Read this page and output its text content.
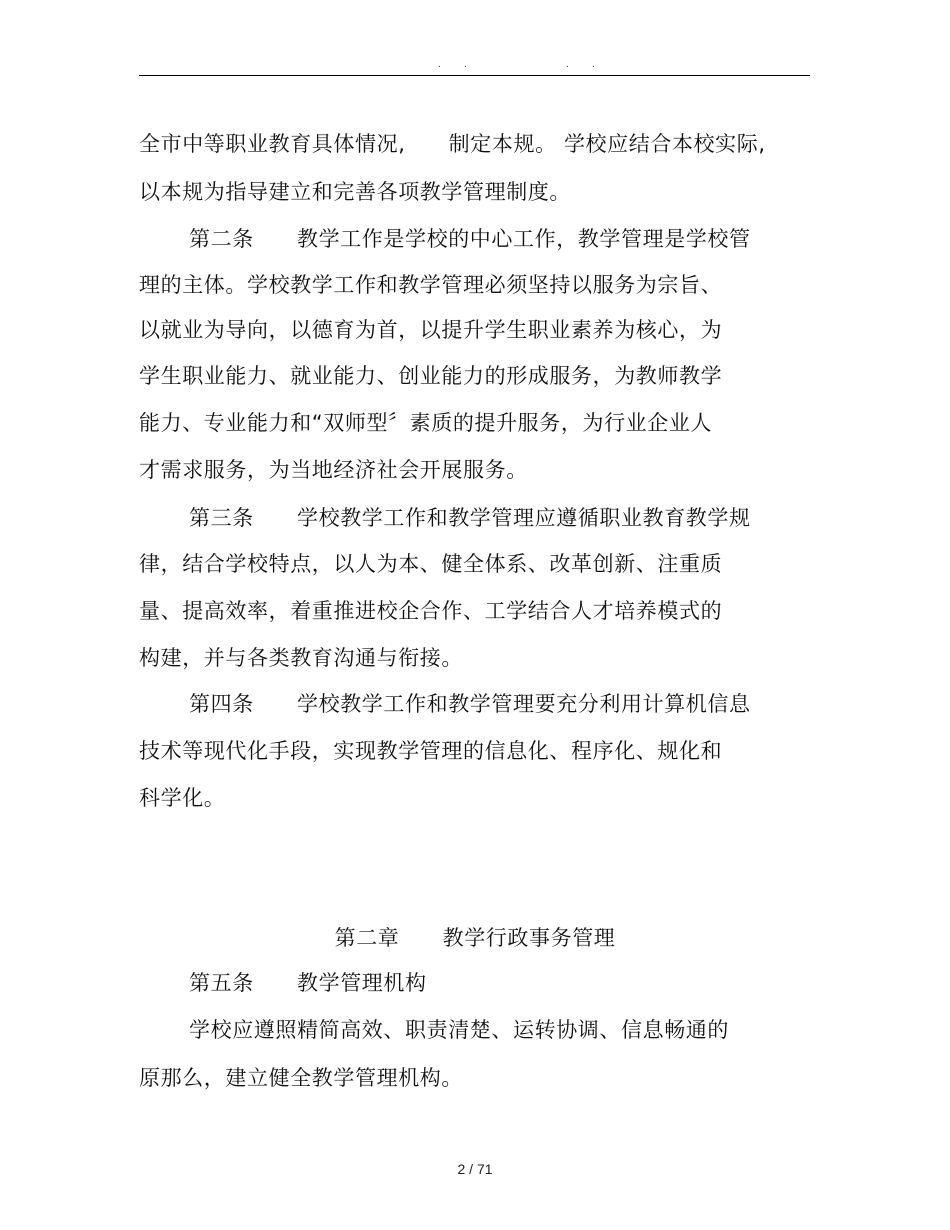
. .	. .
全市中等职业教育具体情况,　　制定本规。 学校应结合本校实际,
以本规为指导建立和完善各项教学管理制度。
第二条　　教学工作是学校的中心工作，教学管理是学校管
理的主体。学校教学工作和教学管理必须坚持以服务为宗旨、
以就业为导向，以德育为首，以提升学生职业素养为核心，为
学生职业能力、就业能力、创业能力的形成服务，为教师教学
能力、专业能力和“双师型〞素质的提升服务，为行业企业人
才需求服务，为当地经济社会开展服务。
第三条　　学校教学工作和教学管理应遵循职业教育教学规
律，结合学校特点，以人为本、健全体系、改革创新、注重质
量、提高效率，着重推进校企合作、工学结合人才培养模式的
构建，并与各类教育沟通与衔接。
第四条　　学校教学工作和教学管理要充分利用计算机信息
技术等现代化手段，实现教学管理的信息化、程序化、规化和
科学化。
第二章　　教学行政事务管理
第五条　　教学管理机构
学校应遵照精简高效、职责清楚、运转协调、信息畅通的
原那么，建立健全教学管理机构。
2 / 71
